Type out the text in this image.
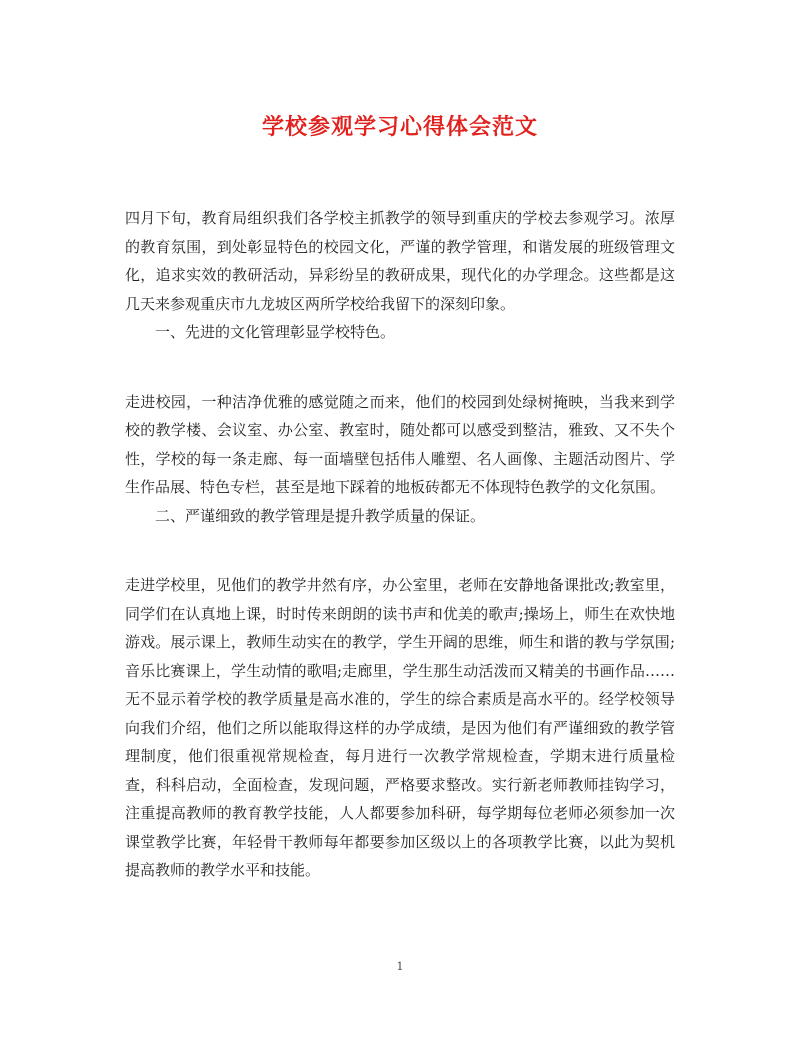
学校参观学习心得体会范文

四月下旬，教育局组织我们各学校主抓教学的领导到重庆的学校去参观学习。浓厚的教育氛围，到处彰显特色的校园文化，严谨的教学管理，和谐发展的班级管理文化，追求实效的教研活动，异彩纷呈的教研成果，现代化的办学理念。这些都是这几天来参观重庆市九龙坡区两所学校给我留下的深刻印象。

一、先进的文化管理彰显学校特色。

走进校园，一种洁净优雅的感觉随之而来，他们的校园到处绿树掩映，当我来到学校的教学楼、会议室、办公室、教室时，随处都可以感受到整洁，雅致、又不失个性，学校的每一条走廊、每一面墙壁包括伟人雕塑、名人画像、主题活动图片、学生作品展、特色专栏，甚至是地下踩着的地板砖都无不体现特色教学的文化氛围。

二、严谨细致的教学管理是提升教学质量的保证。

走进学校里，见他们的教学井然有序，办公室里，老师在安静地备课批改;教室里，同学们在认真地上课，时时传来朗朗的读书声和优美的歌声;操场上，师生在欢快地游戏。展示课上，教师生动实在的教学，学生开阔的思维，师生和谐的教与学氛围;音乐比赛课上，学生动情的歌唱;走廊里，学生那生动活泼而又精美的书画作品……无不显示着学校的教学质量是高水准的，学生的综合素质是高水平的。经学校领导向我们介绍，他们之所以能取得这样的办学成绩，是因为他们有严谨细致的教学管理制度，他们很重视常规检查，每月进行一次教学常规检查，学期末进行质量检查，科科启动，全面检查，发现问题，严格要求整改。实行新老师教师挂钩学习，注重提高教师的教育教学技能，人人都要参加科研，每学期每位老师必须参加一次课堂教学比赛，年轻骨干教师每年都要参加区级以上的各项教学比赛，以此为契机提高教师的教学水平和技能。

1
